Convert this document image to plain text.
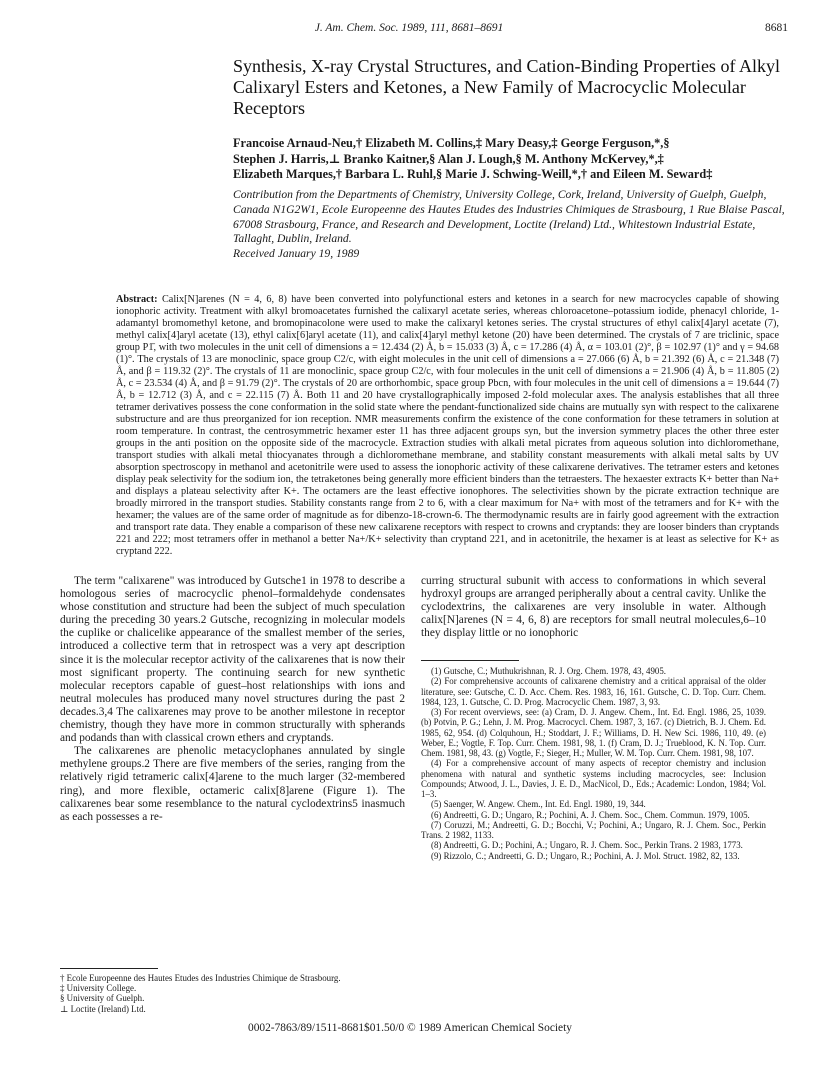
J. Am. Chem. Soc. 1989, 111, 8681–8691	8681
Synthesis, X-ray Crystal Structures, and Cation-Binding Properties of Alkyl Calixaryl Esters and Ketones, a New Family of Macrocyclic Molecular Receptors
Francoise Arnaud-Neu,† Elizabeth M. Collins,‡ Mary Deasy,‡ George Ferguson,*,§
Stephen J. Harris,⊥ Branko Kaitner,§ Alan J. Lough,§ M. Anthony McKervey,*,‡
Elizabeth Marques,† Barbara L. Ruhl,§ Marie J. Schwing-Weill,*,† and Eileen M. Seward‡
Contribution from the Departments of Chemistry, University College, Cork, Ireland, University of Guelph, Guelph, Canada N1G2W1, Ecole Europeenne des Hautes Etudes des Industries Chimiques de Strasbourg, 1 Rue Blaise Pascal, 67008 Strasbourg, France, and Research and Development, Loctite (Ireland) Ltd., Whitestown Industrial Estate, Tallaght, Dublin, Ireland.
Received January 19, 1989
Abstract: Calix[N]arenes (N = 4, 6, 8) have been converted into polyfunctional esters and ketones in a search for new macrocycles capable of showing ionophoric activity. Treatment with alkyl bromoacetates furnished the calixaryl acetate series, whereas chloroacetone–potassium iodide, phenacyl chloride, 1-adamantyl bromomethyl ketone, and bromopinacolone were used to make the calixaryl ketones series. The crystal structures of ethyl calix[4]aryl acetate (7), methyl calix[4]aryl acetate (13), ethyl calix[6]aryl acetate (11), and calix[4]aryl methyl ketone (20) have been determined. The crystals of 7 are triclinic, space group P1̄, with two molecules in the unit cell of dimensions a = 12.434 (2) Å, b = 15.033 (3) Å, c = 17.286 (4) Å, α = 103.01 (2)°, β = 102.97 (1)° and γ = 94.68 (1)°. The crystals of 13 are monoclinic, space group C2/c, with eight molecules in the unit cell of dimensions a = 27.066 (6) Å, b = 21.392 (6) Å, c = 21.348 (7) Å, and β = 119.32 (2)°. The crystals of 11 are monoclinic, space group C2/c, with four molecules in the unit cell of dimensions a = 21.906 (4) Å, b = 11.805 (2) Å, c = 23.534 (4) Å, and β = 91.79 (2)°. The crystals of 20 are orthorhombic, space group Pbcn, with four molecules in the unit cell of dimensions a = 19.644 (7) Å, b = 12.712 (3) Å, and c = 22.115 (7) Å. Both 11 and 20 have crystallographically imposed 2-fold molecular axes. The analysis establishes that all three tetramer derivatives possess the cone conformation in the solid state where the pendant-functionalized side chains are mutually syn with respect to the calixarene substructure and are thus preorganized for ion reception. NMR measurements confirm the existence of the cone conformation for these tetramers in solution at room temperature. In contrast, the centrosymmetric hexamer ester 11 has three adjacent groups syn, but the inversion symmetry places the other three ester groups in the anti position on the opposite side of the macrocycle. Extraction studies with alkali metal picrates from aqueous solution into dichloromethane, transport studies with alkali metal thiocyanates through a dichloromethane membrane, and stability constant measurements with alkali metal salts by UV absorption spectroscopy in methanol and acetonitrile were used to assess the ionophoric activity of these calixarene derivatives. The tetramer esters and ketones display peak selectivity for the sodium ion, the tetraketones being generally more efficient binders than the tetraesters. The hexaester extracts K+ better than Na+ and displays a plateau selectivity after K+. The octamers are the least effective ionophores. The selectivities shown by the picrate extraction technique are broadly mirrored in the transport studies. Stability constants range from 2 to 6, with a clear maximum for Na+ with most of the tetramers and for K+ with the hexamer; the values are of the same order of magnitude as for dibenzo-18-crown-6. The thermodynamic results are in fairly good agreement with the extraction and transport rate data. They enable a comparison of these new calixarene receptors with respect to crowns and cryptands: they are looser binders than cryptands 221 and 222; most tetramers offer in methanol a better Na+/K+ selectivity than cryptand 221, and in acetonitrile, the hexamer is at least as selective for K+ as cryptand 222.

The term "calixarene" was introduced by Gutsche1 in 1978 to describe a homologous series of macrocyclic phenol–formaldehyde condensates whose constitution and structure had been the subject of much speculation during the preceding 30 years.2 Gutsche, recognizing in molecular models the cuplike or chalicelike appearance of the smallest member of the series, introduced a collective term that in retrospect was a very apt description since it is the molecular receptor activity of the calixarenes that is now their most significant property. The continuing search for new synthetic molecular receptors capable of guest–host relationships with ions and neutral molecules has produced many novel structures during the past 2 decades.3,4 The calixarenes may prove to be another milestone in receptor chemistry, though they have more in common structurally with spherands and podands than with classical crown ethers and cryptands.

The calixarenes are phenolic metacyclophanes annulated by single methylene groups.2 There are five members of the series, ranging from the relatively rigid tetrameric calix[4]arene to the much larger (32-membered ring), and more flexible, octameric calix[8]arene (Figure 1). The calixarenes bear some resemblance to the natural cyclodextrins5 inasmuch as each possesses a re-

curring structural subunit with access to conformations in which several hydroxyl groups are arranged peripherally about a central cavity. Unlike the cyclodextrins, the calixarenes are very insoluble in water. Although calix[N]arenes (N = 4, 6, 8) are receptors for small neutral molecules,6–10 they display little or no ionophoric

(1) Gutsche, C.; Muthukrishnan, R. J. Org. Chem. 1978, 43, 4905.
(2) For comprehensive accounts of calixarene chemistry and a critical appraisal of the older literature, see: Gutsche, C. D. Acc. Chem. Res. 1983, 16, 161. Gutsche, C. D. Top. Curr. Chem. 1984, 123, 1. Gutsche, C. D. Prog. Macrocyclic Chem. 1987, 3, 93.
(3) For recent overviews, see: (a) Cram, D. J. Angew. Chem., Int. Ed. Engl. 1986, 25, 1039. (b) Potvin, P. G.; Lehn, J. M. Prog. Macrocycl. Chem. 1987, 3, 167. (c) Dietrich, B. J. Chem. Ed. 1985, 62, 954. (d) Colquhoun, H.; Stoddart, J. F.; Williams, D. H. New Sci. 1986, 110, 49. (e) Weber, E.; Vogtle, F. Top. Curr. Chem. 1981, 98, 1. (f) Cram, D. J.; Trueblood, K. N. Top. Curr. Chem. 1981, 98, 43. (g) Vogtle, F.; Sieger, H.; Muller, W. M. Top. Curr. Chem. 1981, 98, 107.
(4) For a comprehensive account of many aspects of receptor chemistry and inclusion phenomena with natural and synthetic systems including macrocycles, see: Inclusion Compounds; Atwood, J. L., Davies, J. E. D., MacNicol, D., Eds.; Academic: London, 1984; Vol. 1–3.
(5) Saenger, W. Angew. Chem., Int. Ed. Engl. 1980, 19, 344.
(6) Andreetti, G. D.; Ungaro, R.; Pochini, A. J. Chem. Soc., Chem. Commun. 1979, 1005.
(7) Coruzzi, M.; Andreetti, G. D.; Bocchi, V.; Pochini, A.; Ungaro, R. J. Chem. Soc., Perkin Trans. 2 1982, 1133.
(8) Andreetti, G. D.; Pochini, A.; Ungaro, R. J. Chem. Soc., Perkin Trans. 2 1983, 1773.
(9) Rizzolo, C.; Andreetti, G. D.; Ungaro, R.; Pochini, A. J. Mol. Struct. 1982, 82, 133.
† Ecole Europeenne des Hautes Etudes des Industries Chimique de Strasbourg.
‡ University College.
§ University of Guelph.
⊥ Loctite (Ireland) Ltd.
0002-7863/89/1511-8681$01.50/0 © 1989 American Chemical Society
